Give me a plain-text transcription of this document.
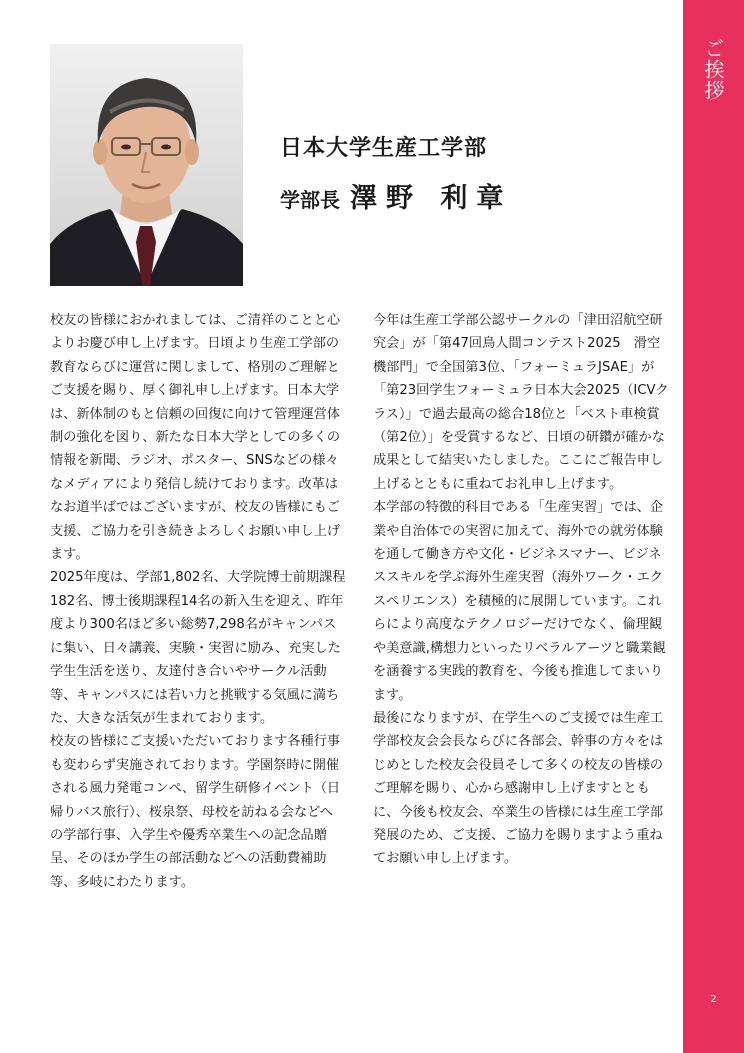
ご挨拶
2
日本大学生産工学部
学部長 澤野 利章

校友の皆様におかれましては、ご清祥のことと心よりお慶び申し上げます。日頃より生産工学部の教育ならびに運営に関しまして、格別のご理解とご支援を賜り、厚く御礼申し上げます。日本大学は、新体制のもと信頼の回復に向けて管理運営体制の強化を図り、新たな日本大学としての多くの情報を新聞、ラジオ、ポスター、SNSなどの様々なメディアにより発信し続けております。改革はなお道半ばではございますが、校友の皆様にもご支援、ご協力を引き続きよろしくお願い申し上げます。

2025年度は、学部1,802名、大学院博士前期課程182名、博士後期課程14名の新入生を迎え、昨年度より300名ほど多い総勢7,298名がキャンパスに集い、日々講義、実験・実習に励み、充実した学生生活を送り、友達付き合いやサークル活動等、キャンパスには若い力と挑戦する気風に満ちた、大きな活気が生まれております。

校友の皆様にご支援いただいております各種行事も変わらず実施されております。学園祭時に開催される風力発電コンペ、留学生研修イベント（日帰りバス旅行）、桜泉祭、母校を訪ねる会などへの学部行事、入学生や優秀卒業生への記念品贈呈、そのほか学生の部活動などへの活動費補助等、多岐にわたります。

今年は生産工学部公認サークルの「津田沼航空研究会」が「第47回鳥人間コンテスト2025　滑空機部門」で全国第3位、「フォーミュラJSAE」が「第23回学生フォーミュラ日本大会2025（ICVクラス）」で過去最高の総合18位と「ベスト車検賞（第2位）」を受賞するなど、日頃の研鑽が確かな成果として結実いたしました。ここにご報告申し上げるとともに重ねてお礼申し上げます。

本学部の特徴的科目である「生産実習」では、企業や自治体での実習に加えて、海外での就労体験を通して働き方や文化・ビジネスマナー、ビジネススキルを学ぶ海外生産実習（海外ワーク・エクスペリエンス）を積極的に展開しています。これらにより高度なテクノロジーだけでなく、倫理観や美意識,構想力といったリベラルアーツと職業観を涵養する実践的教育を、今後も推進してまいります。

最後になりますが、在学生へのご支援では生産工学部校友会会長ならびに各部会、幹事の方々をはじめとした校友会役員そして多くの校友の皆様のご理解を賜り、心から感謝申し上げますとともに、今後も校友会、卒業生の皆様には生産工学部発展のため、ご支援、ご協力を賜りますよう重ねてお願い申し上げます。
